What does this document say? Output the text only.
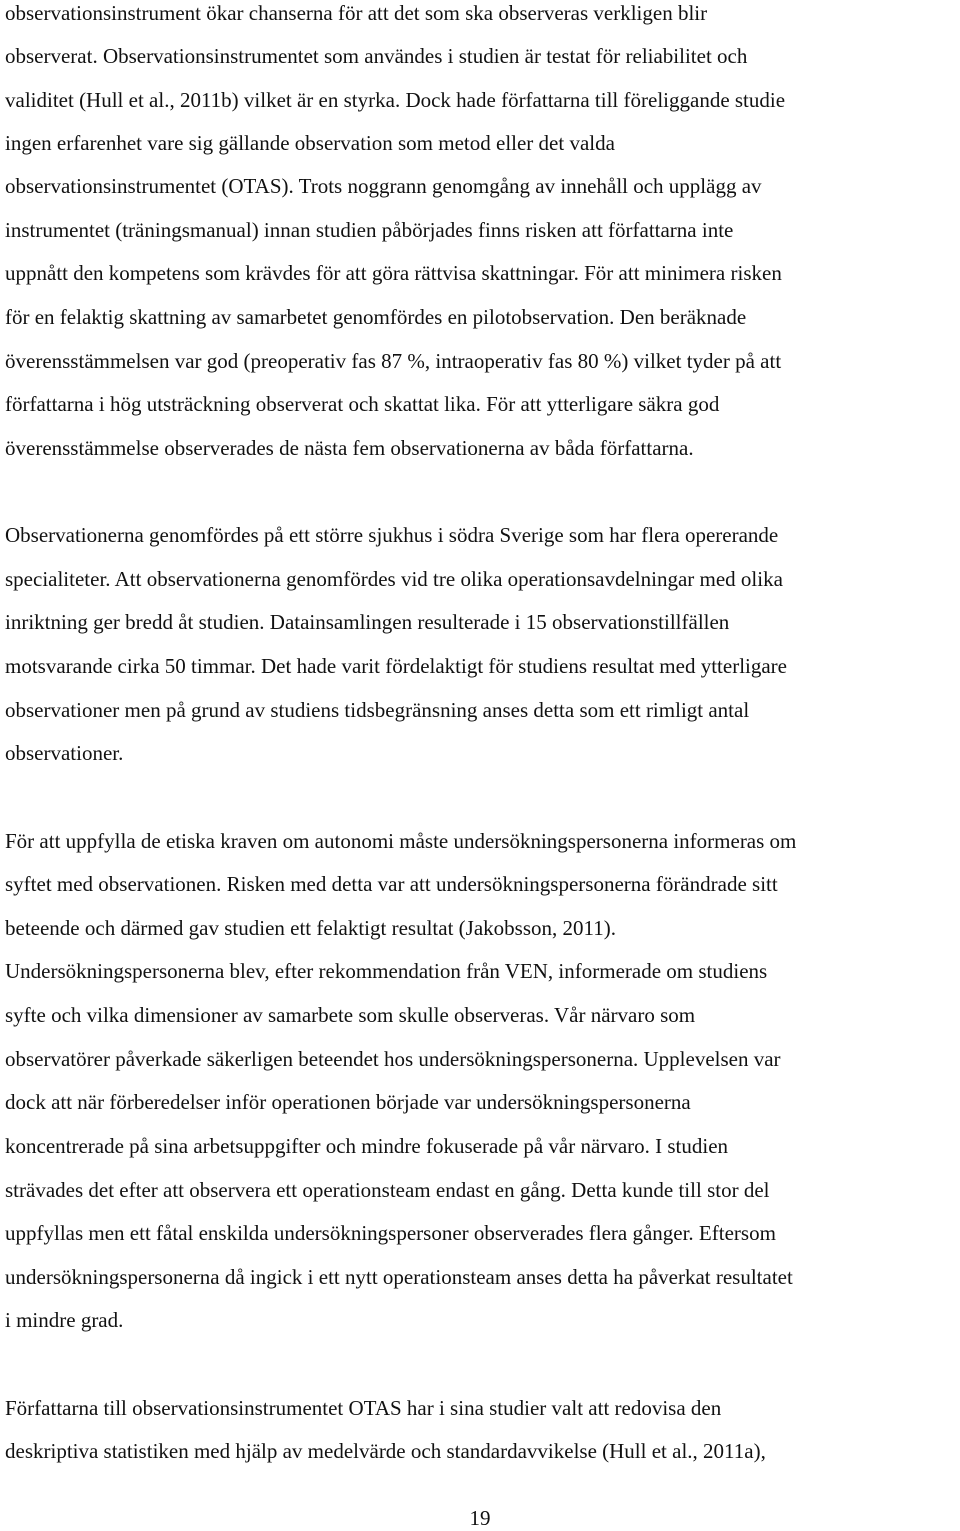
observationsinstrument ökar chanserna för att det som ska observeras verkligen blir
observerat. Observationsinstrumentet som användes i studien är testat för reliabilitet och
validitet (Hull et al., 2011b) vilket är en styrka. Dock hade författarna till föreliggande studie
ingen erfarenhet vare sig gällande observation som metod eller det valda
observationsinstrumentet (OTAS). Trots noggrann genomgång av innehåll och upplägg av
instrumentet (träningsmanual) innan studien påbörjades finns risken att författarna inte
uppnått den kompetens som krävdes för att göra rättvisa skattningar. För att minimera risken
för en felaktig skattning av samarbetet genomfördes en pilotobservation. Den beräknade
överensstämmelsen var god (preoperativ fas 87 %, intraoperativ fas 80 %) vilket tyder på att
författarna i hög utsträckning observerat och skattat lika. För att ytterligare säkra god
överensstämmelse observerades de nästa fem observationerna av båda författarna.
Observationerna genomfördes på ett större sjukhus i södra Sverige som har flera opererande
specialiteter. Att observationerna genomfördes vid tre olika operationsavdelningar med olika
inriktning ger bredd åt studien. Datainsamlingen resulterade i 15 observationstillfällen
motsvarande cirka 50 timmar. Det hade varit fördelaktigt för studiens resultat med ytterligare
observationer men på grund av studiens tidsbegränsning anses detta som ett rimligt antal
observationer.
För att uppfylla de etiska kraven om autonomi måste undersökningspersonerna informeras om
syftet med observationen. Risken med detta var att undersökningspersonerna förändrade sitt
beteende och därmed gav studien ett felaktigt resultat (Jakobsson, 2011).
Undersökningspersonerna blev, efter rekommendation från VEN, informerade om studiens
syfte och vilka dimensioner av samarbete som skulle observeras. Vår närvaro som
observatörer påverkade säkerligen beteendet hos undersökningspersonerna. Upplevelsen var
dock att när förberedelser inför operationen började var undersökningspersonerna
koncentrerade på sina arbetsuppgifter och mindre fokuserade på vår närvaro. I studien
strävades det efter att observera ett operationsteam endast en gång. Detta kunde till stor del
uppfyllas men ett fåtal enskilda undersökningspersoner observerades flera gånger. Eftersom
undersökningspersonerna då ingick i ett nytt operationsteam anses detta ha påverkat resultatet
i mindre grad.
Författarna till observationsinstrumentet OTAS har i sina studier valt att redovisa den
deskriptiva statistiken med hjälp av medelvärde och standardavvikelse (Hull et al., 2011a),
19
